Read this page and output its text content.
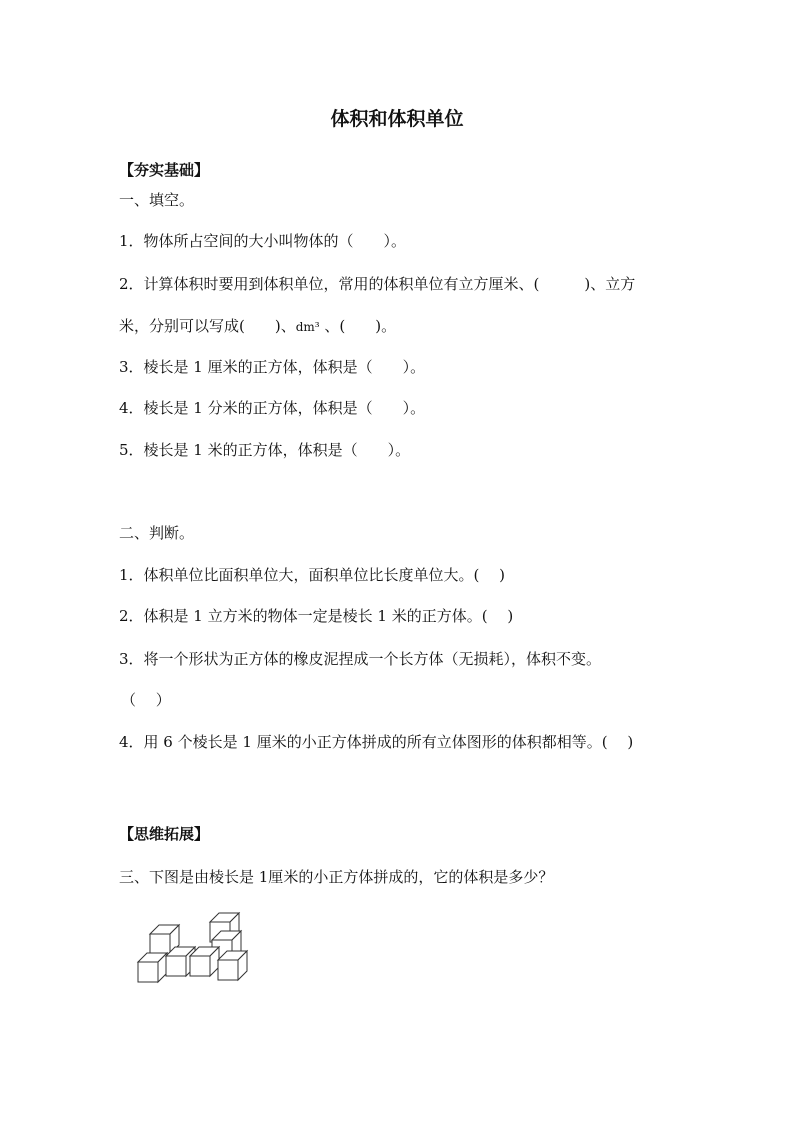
体积和体积单位
【夯实基础】
一、填空。
1．物体所占空间的大小叫物体的（　　）。
2．计算体积时要用到体积单位，常用的体积单位有立方厘米、(　　　)、立方
米，分别可以写成(　　)、dm³ 、(　　)。
3．棱长是 1 厘米的正方体，体积是（　　）。
4．棱长是 1 分米的正方体，体积是（　　）。
5．棱长是 1 米的正方体，体积是（　　）。
二、判断。
1．体积单位比面积单位大，面积单位比长度单位大。(　 )
2．体积是 1 立方米的物体一定是棱长 1 米的正方体。(　 )
3．将一个形状为正方体的橡皮泥捏成一个长方体（无损耗），体积不变。
（　 ）
4．用 6 个棱长是 1 厘米的小正方体拼成的所有立体图形的体积都相等。(　 )
【思维拓展】
三、下图是由棱长是 1厘米的小正方体拼成的，它的体积是多少？
